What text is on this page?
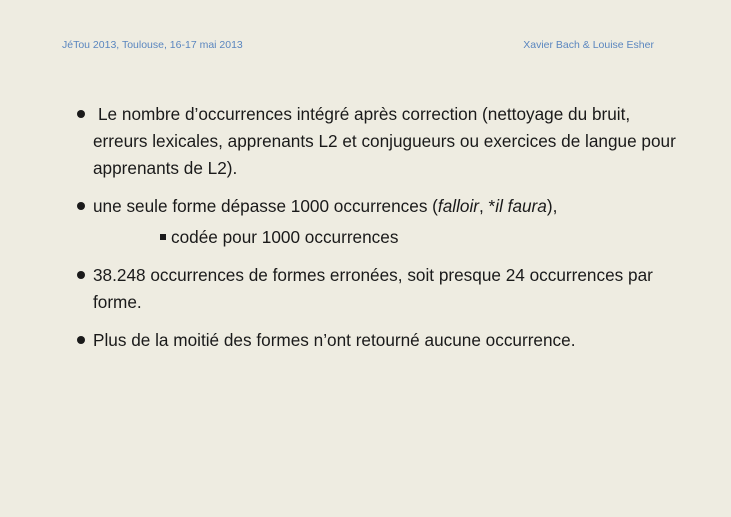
JéTou 2013, Toulouse, 16-17 mai 2013	Xavier Bach & Louise Esher
Le nombre d’occurrences intégré après correction (nettoyage du bruit, erreurs lexicales, apprenants L2 et conjugueurs ou exercices de langue pour apprenants de L2).
une seule forme dépasse 1000 occurrences (falloir, *il faura),
codée pour 1000 occurrences
38.248 occurrences de formes erronées, soit presque 24 occurrences par forme.
Plus de la moitié des formes n’ont retourné aucune occurrence.
